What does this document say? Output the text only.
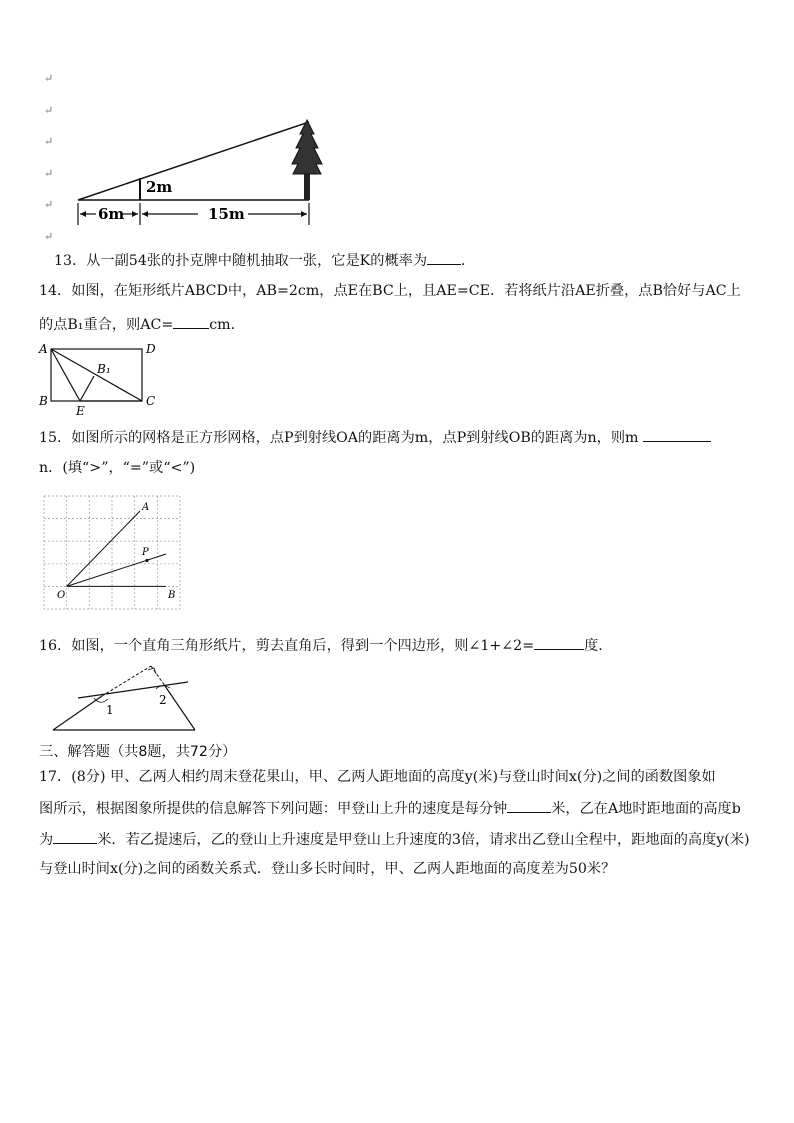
↵
↵
↵
↵
↵
↵
2m
6m	15m
13．从一副54张的扑克牌中随机抽取一张，它是K的概率为 ．
14．如图，在矩形纸片ABCD中，AB=2cm，点E在BC上，且AE=CE．若将纸片沿AE折叠，点B恰好与AC上
的点B₁重合，则AC=	cm．
A	D
B	C
E
B₁
15．如图所示的网格是正方形网格，点P到射线OA的距离为m，点P到射线OB的距离为n，则m
n．(填“>”，“=”或“<”)
A
P
O	B
16．如图，一个直角三角形纸片，剪去直角后，得到一个四边形，则∠1+∠2=	度．
1
2
三、解答题（共8题，共72分）
17．(8分) 甲、乙两人相约周末登花果山，甲、乙两人距地面的高度y(米)与登山时间x(分)之间的函数图象如
图所示，根据图象所提供的信息解答下列问题：甲登山上升的速度是每分钟	米，乙在A地时距地面的高度b
为	米．若乙提速后，乙的登山上升速度是甲登山上升速度的3倍，请求出乙登山全程中，距地面的高度y(米)
与登山时间x(分)之间的函数关系式．登山多长时间时，甲、乙两人距地面的高度差为50米？
